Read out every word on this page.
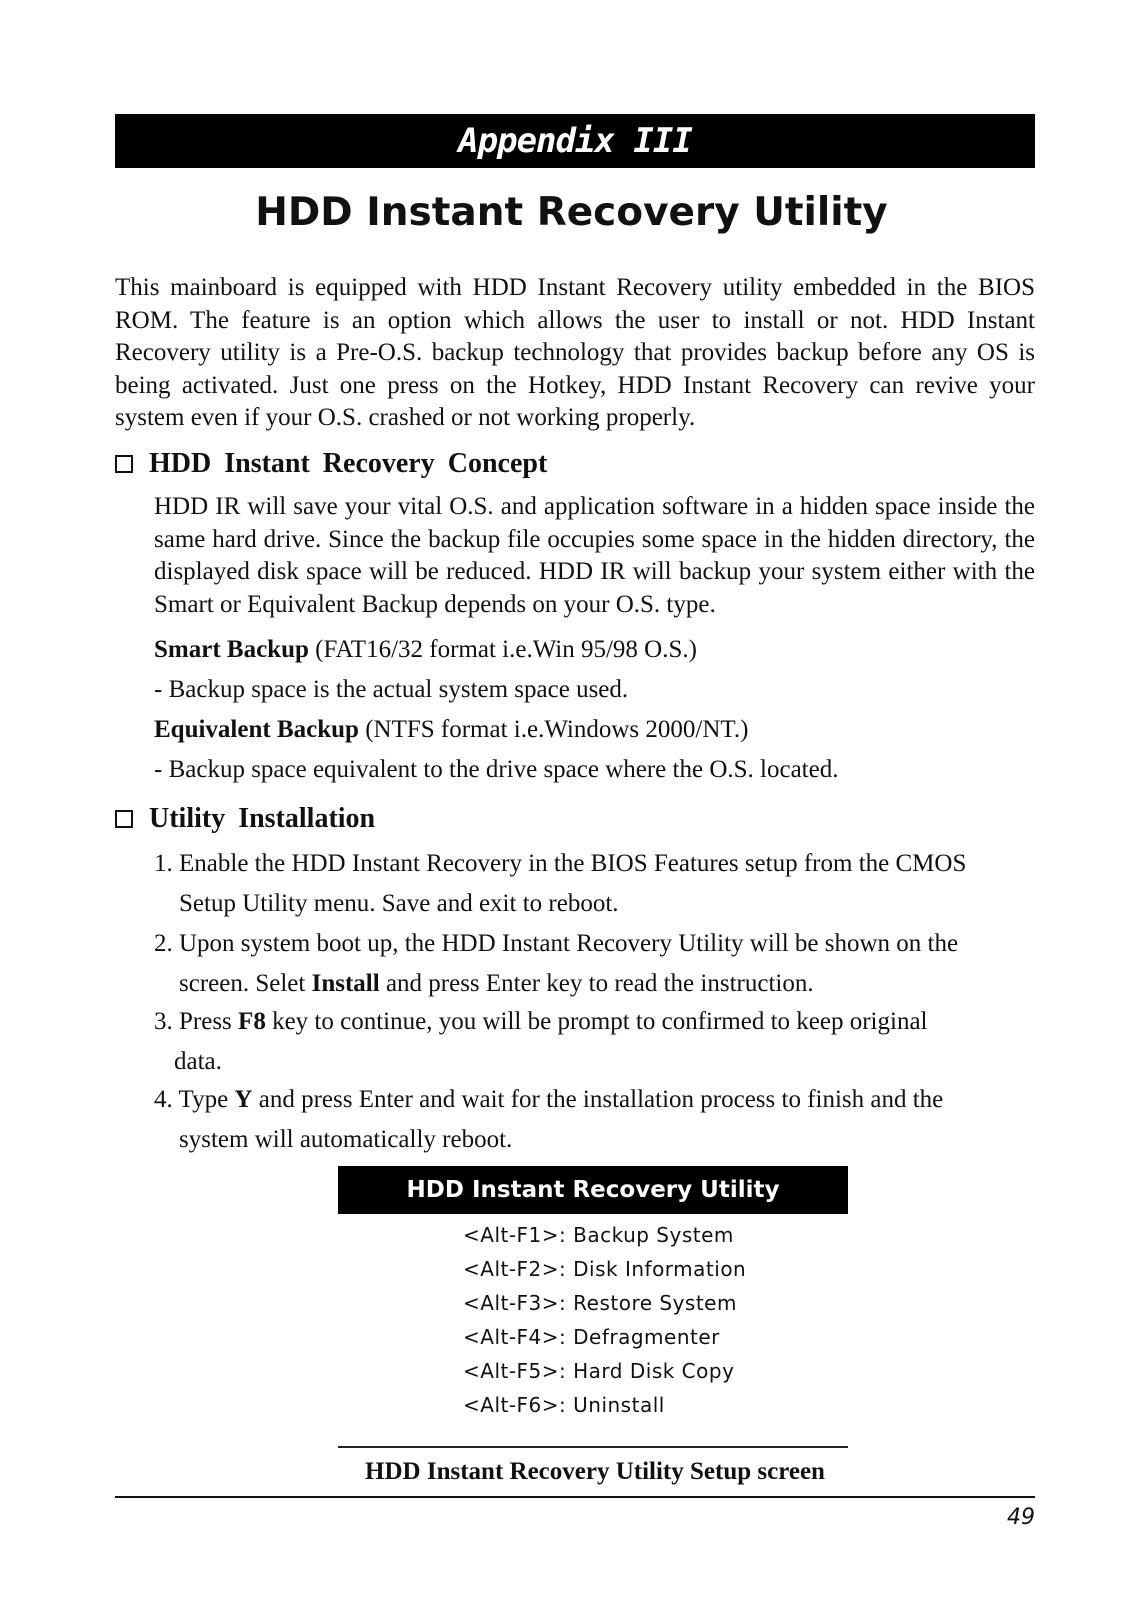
Appendix III
HDD Instant Recovery Utility
This mainboard is equipped with HDD Instant Recovery utility embedded in the BIOS ROM. The feature is an option which allows the user to install or not. HDD Instant Recovery utility is a Pre-O.S. backup technology that provides backup before any OS is being activated. Just one press on the Hotkey, HDD Instant Recovery can revive your system even if your O.S. crashed or not working properly.
HDD Instant Recovery Concept
HDD IR will save your vital O.S. and application software in a hidden space inside the same hard drive. Since the backup file occupies some space in the hidden directory, the displayed disk space will be reduced. HDD IR will backup your system either with the Smart or Equivalent Backup depends on your O.S. type.
Smart Backup (FAT16/32 format i.e.Win 95/98 O.S.)
- Backup space is the actual system space used.
Equivalent Backup (NTFS format i.e.Windows 2000/NT.)
- Backup space equivalent to the drive space where the O.S. located.
Utility Installation
1. Enable the HDD Instant Recovery in the BIOS Features setup from the CMOS
Setup Utility menu. Save and exit to reboot.
2. Upon system boot up, the HDD Instant Recovery Utility will be shown on the
screen. Selet Install and press Enter key to read the instruction.
3. Press F8 key to continue, you will be prompt to confirmed to keep original
data.
4. Type Y and press Enter and wait for the installation process to finish and the
system will automatically reboot.
HDD Instant Recovery Utility
<Alt-F1>: Backup System
<Alt-F2>: Disk Information
<Alt-F3>: Restore System
<Alt-F4>: Defragmenter
<Alt-F5>: Hard Disk Copy
<Alt-F6>: Uninstall
HDD Instant Recovery Utility Setup screen
49
